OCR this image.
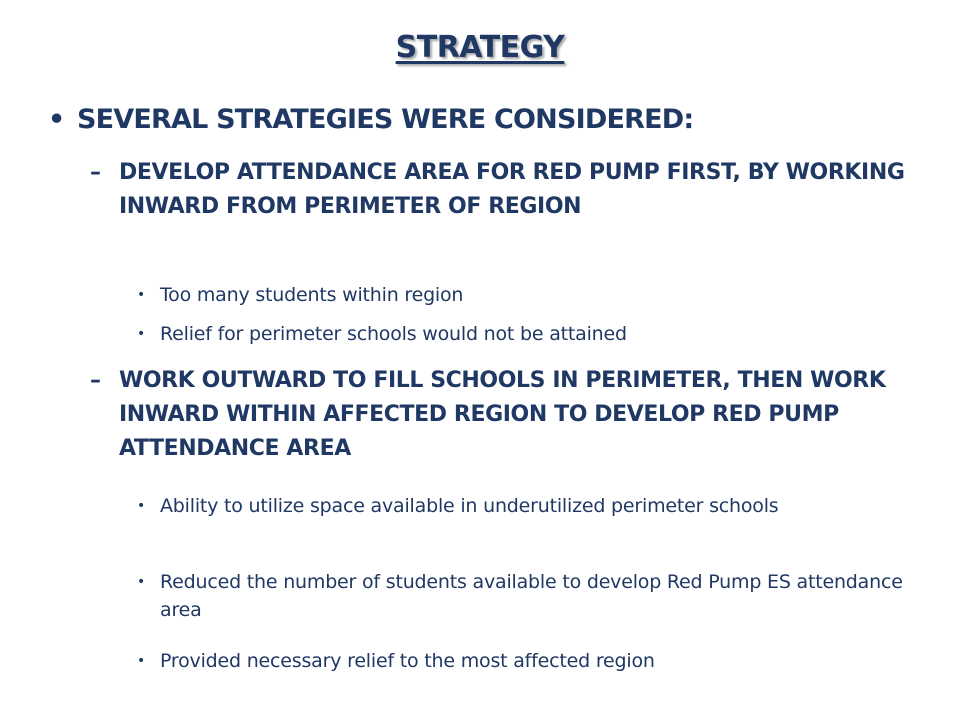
STRATEGY
• SEVERAL STRATEGIES WERE CONSIDERED:
– DEVELOP ATTENDANCE AREA FOR RED PUMP FIRST, BY WORKING INWARD FROM PERIMETER OF REGION
• Too many students within region
• Relief for perimeter schools would not be attained
– WORK OUTWARD TO FILL SCHOOLS IN PERIMETER, THEN WORK INWARD WITHIN AFFECTED REGION TO DEVELOP RED PUMP ATTENDANCE AREA
• Ability to utilize space available in underutilized perimeter schools
• Reduced the number of students available to develop Red Pump ES attendance area
• Provided necessary relief to the most affected region
